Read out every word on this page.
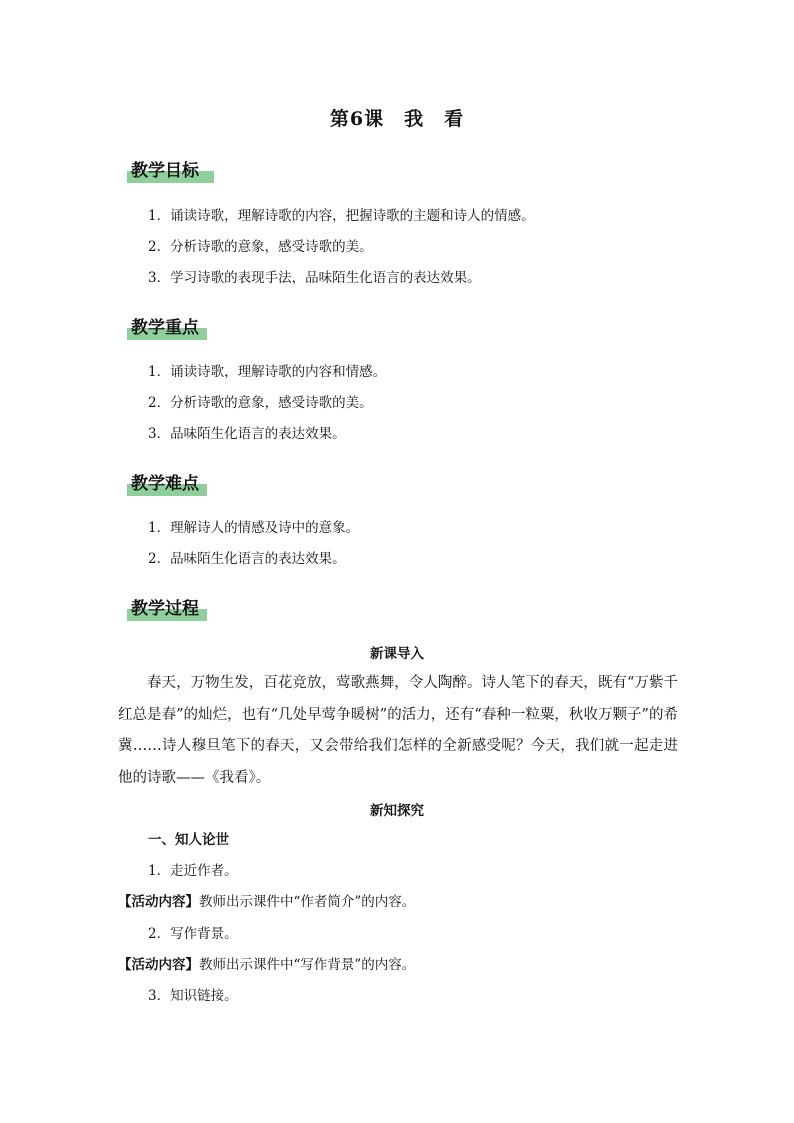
第6课　我　看
教学目标
1．诵读诗歌，理解诗歌的内容，把握诗歌的主题和诗人的情感。
2．分析诗歌的意象，感受诗歌的美。
3．学习诗歌的表现手法，品味陌生化语言的表达效果。
教学重点
1．诵读诗歌，理解诗歌的内容和情感。
2．分析诗歌的意象，感受诗歌的美。
3．品味陌生化语言的表达效果。
教学难点
1．理解诗人的情感及诗中的意象。
2．品味陌生化语言的表达效果。
教学过程
新课导入
春天，万物生发，百花竞放，莺歌燕舞，令人陶醉。诗人笔下的春天，既有“万紫千红总是春”的灿烂，也有“几处早莺争暖树”的活力，还有“春种一粒粟，秋收万颗子”的希冀……诗人穆旦笔下的春天，又会带给我们怎样的全新感受呢？今天，我们就一起走进他的诗歌——《我看》。
新知探究
一、知人论世
1．走近作者。
【活动内容】教师出示课件中“作者简介”的内容。
2．写作背景。
【活动内容】教师出示课件中“写作背景”的内容。
3．知识链接。
